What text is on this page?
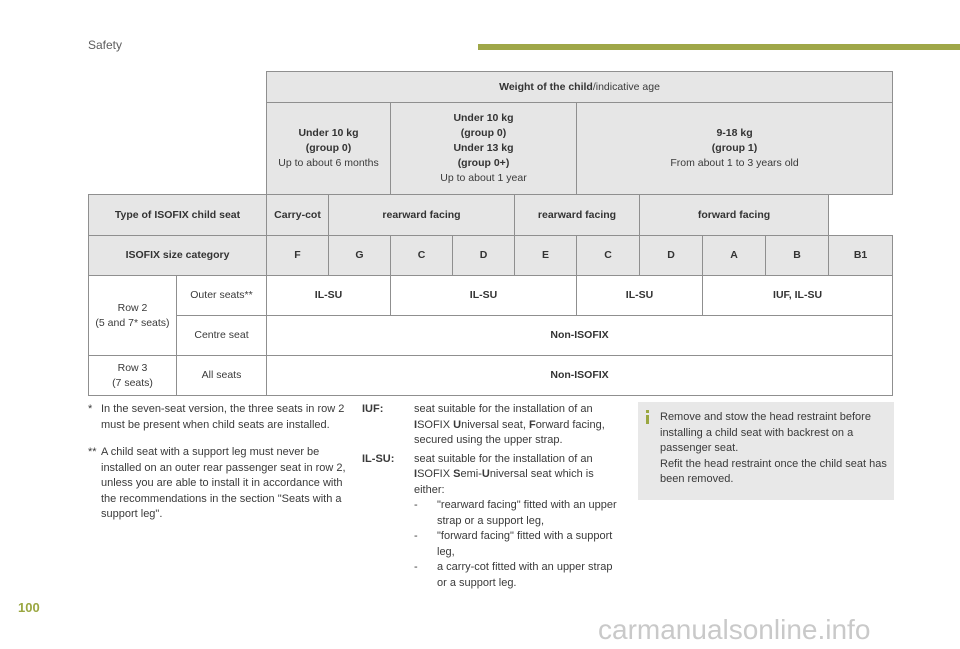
Safety
		Weight of the child/indicative age									
		Under 10 kg
(group 0)
Up to about 6 months		Under 10 kg
(group 0)
Under 13 kg
(group 0+)
Up to about 1 year			9-18 kg
(group 1)
From about 1 to 3 years old				
Type of ISOFIX child seat		Carry-cot	rearward facing			rearward facing		forward facing			
ISOFIX size category		F	G	C	D	E	C	D	A	B	B1
Row 2
(5 and 7* seats)	Outer seats**	IL-SU		IL-SU			IL-SU		IUF, IL-SU		
	Centre seat	Non-ISOFIX									
Row 3
(7 seats)	All seats	Non-ISOFIX									
* In the seven-seat version, the three seats in row 2 must be present when child seats are installed.
** A child seat with a support leg must never be installed on an outer rear passenger seat in row 2, unless you are able to install it in accordance with the recommendations in the section "Seats with a support leg".
IUF:	seat suitable for the installation of an ISOFIX Universal seat, Forward facing, secured using the upper strap.
IL-SU: seat suitable for the installation of an ISOFIX Semi-Universal seat which is either:
- "rearward facing" fitted with an upper strap or a support leg,
- "forward facing" fitted with a support leg,
- a carry-cot fitted with an upper strap or a support leg.

Remove and stow the head restraint before installing a child seat with backrest on a passenger seat.
Refit the head restraint once the child seat has been removed.

100
carmanualsonline.info
